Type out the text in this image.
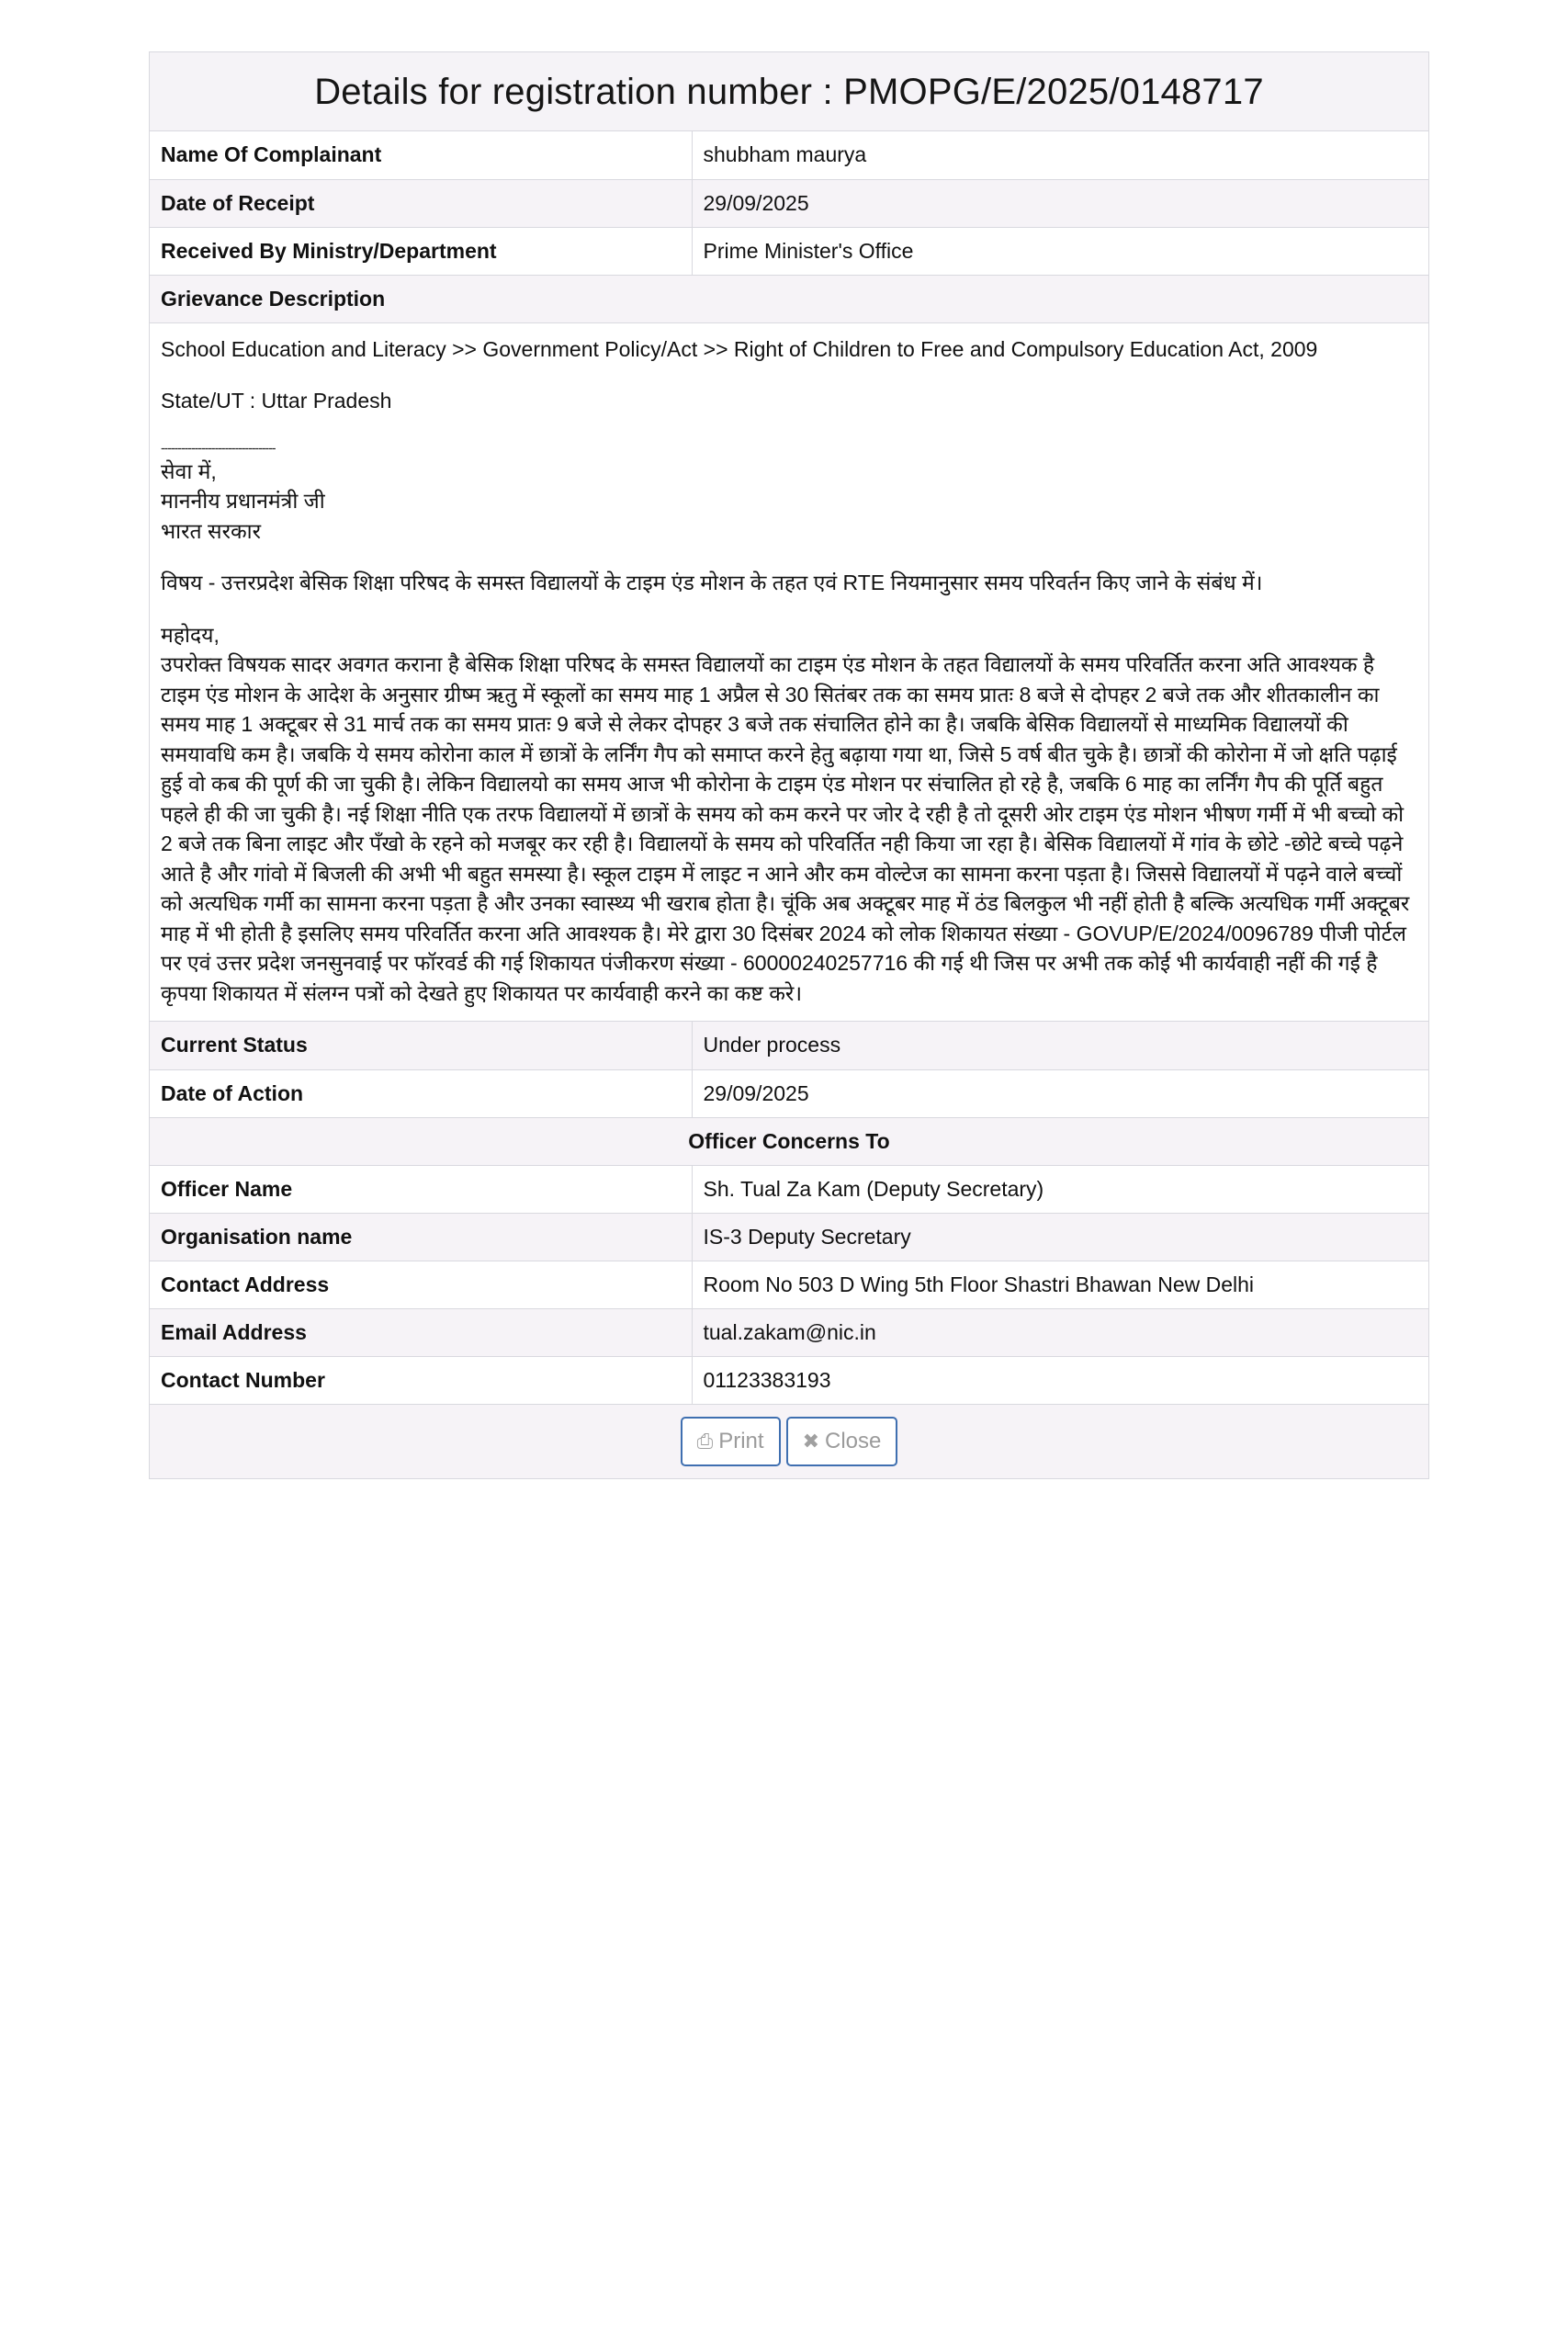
Details for registration number : PMOPG/E/2025/0148717
Name Of Complainant	shubham maurya
Date of Receipt	29/09/2025
Received By Ministry/Department	Prime Minister's Office
Grievance Description	

School Education and Literacy >> Government Policy/Act >> Right of Children to Free and Compulsory Education Act, 2009

State/UT : Uttar Pradesh

----------------------------------

सेवा में,

माननीय प्रधानमंत्री जी

भारत सरकार

विषय - उत्तरप्रदेश बेसिक शिक्षा परिषद के समस्त विद्यालयों के टाइम एंड मोशन के तहत एवं RTE नियमानुसार समय परिवर्तन किए जाने के संबंध में।

महोदय,

उपरोक्त विषयक सादर अवगत कराना है बेसिक शिक्षा परिषद के समस्त विद्यालयों का टाइम एंड मोशन के तहत विद्यालयों के समय परिवर्तित करना अति आवश्यक है टाइम एंड मोशन के आदेश के अनुसार ग्रीष्म ऋतु में स्कूलों का समय माह 1 अप्रैल से 30 सितंबर तक का समय प्रातः 8 बजे से दोपहर 2 बजे तक और शीतकालीन का समय माह 1 अक्टूबर से 31 मार्च तक का समय प्रातः 9 बजे से लेकर दोपहर 3 बजे तक संचालित होने का है। जबकि बेसिक विद्यालयों से माध्यमिक विद्यालयों की समयावधि कम है। जबकि ये समय कोरोना काल में छात्रों के लर्निंग गैप को समाप्त करने हेतु बढ़ाया गया था, जिसे 5 वर्ष बीत चुके है। छात्रों की कोरोना में जो क्षति पढ़ाई हुई वो कब की पूर्ण की जा चुकी है। लेकिन विद्यालयो का समय आज भी कोरोना के टाइम एंड मोशन पर संचालित हो रहे है, जबकि 6 माह का लर्निंग गैप की पूर्ति बहुत पहले ही की जा चुकी है। नई शिक्षा नीति एक तरफ विद्यालयों में छात्रों के समय को कम करने पर जोर दे रही है तो दूसरी ओर टाइम एंड मोशन भीषण गर्मी में भी बच्चो को 2 बजे तक बिना लाइट और पँखो के रहने को मजबूर कर रही है। विद्यालयों के समय को परिवर्तित नही किया जा रहा है। बेसिक विद्यालयों में गांव के छोटे -छोटे बच्चे पढ़ने आते है और गांवो में बिजली की अभी भी बहुत समस्या है। स्कूल टाइम में लाइट न आने और कम वोल्टेज का सामना करना पड़ता है। जिससे विद्यालयों में पढ़ने वाले बच्चों को अत्यधिक गर्मी का सामना करना पड़ता है और उनका स्वास्थ्य भी खराब होता है। चूंकि अब अक्टूबर माह में ठंड बिलकुल भी नहीं होती है बल्कि अत्यधिक गर्मी अक्टूबर माह में भी होती है इसलिए समय परिवर्तित करना अति आवश्यक है। मेरे द्वारा 30 दिसंबर 2024 को लोक शिकायत संख्या - GOVUP/E/2024/0096789 पीजी पोर्टल पर एवं उत्तर प्रदेश जनसुनवाई पर फॉरवर्ड की गई शिकायत पंजीकरण संख्या - 60000240257716 की गई थी जिस पर अभी तक कोई भी कार्यवाही नहीं की गई है कृपया शिकायत में संलग्न पत्रों को देखते हुए शिकायत पर कार्यवाही करने का कष्ट करे।

Current Status	Under process
Date of Action	29/09/2025
Officer Concerns To	
Officer Name	Sh. Tual Za Kam (Deputy Secretary)
Organisation name	IS-3 Deputy Secretary
Contact Address	Room No 503 D Wing 5th Floor Shastri Bhawan New Delhi
Email Address	tual.zakam@nic.in
Contact Number	01123383193
⎙ Print ✖ Close
